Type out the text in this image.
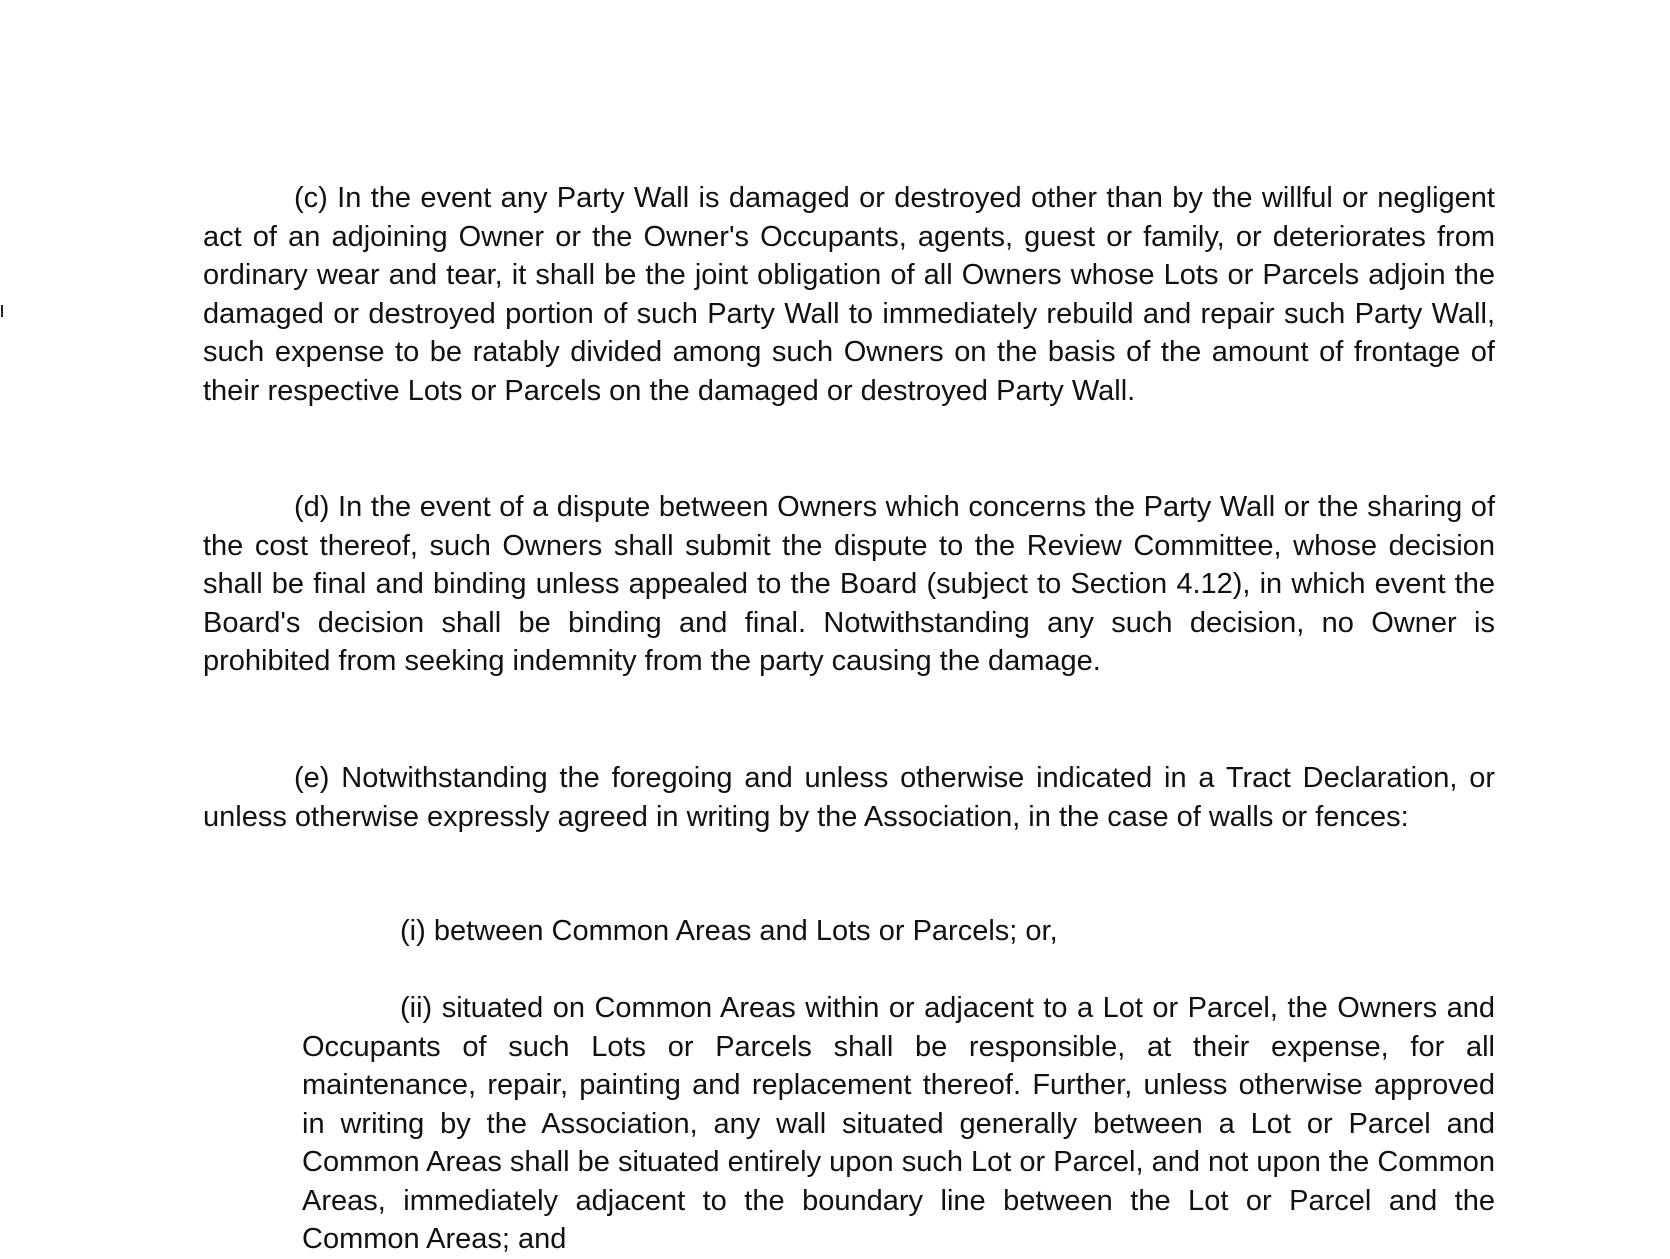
(c) In the event any Party Wall is damaged or destroyed other than by the willful or negligent act of an adjoining Owner or the Owner's Occupants, agents, guest or family, or deteriorates from ordinary wear and tear, it shall be the joint obligation of all Owners whose Lots or Parcels adjoin the damaged or destroyed portion of such Party Wall to immediately rebuild and repair such Party Wall, such expense to be ratably divided among such Owners on the basis of the amount of frontage of their respective Lots or Parcels on the damaged or destroyed Party Wall.

(d) In the event of a dispute between Owners which concerns the Party Wall or the sharing of the cost thereof, such Owners shall submit the dispute to the Review Committee, whose decision shall be final and binding unless appealed to the Board (subject to Section 4.12), in which event the Board's decision shall be binding and final. Notwithstanding any such decision, no Owner is prohibited from seeking indemnity from the party causing the damage.

(e) Notwithstanding the foregoing and unless otherwise indicated in a Tract Declaration, or unless otherwise expressly agreed in writing by the Association, in the case of walls or fences:

(i) between Common Areas and Lots or Parcels; or,

(ii) situated on Common Areas within or adjacent to a Lot or Parcel, the Owners and Occupants of such Lots or Parcels shall be responsible, at their expense, for all maintenance, repair, painting and replacement thereof. Further, unless otherwise approved in writing by the Association, any wall situated generally between a Lot or Parcel and Common Areas shall be situated entirely upon such Lot or Parcel, and not upon the Common Areas, immediately adjacent to the boundary line between the Lot or Parcel and the Common Areas; and
